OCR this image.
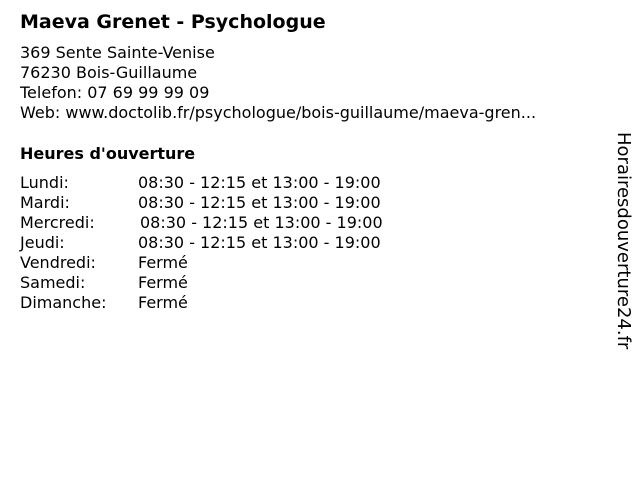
Maeva Grenet - Psychologue
369 Sente Sainte-Venise
76230 Bois-Guillaume
Telefon: 07 69 99 99 09
Web: www.doctolib.fr/psychologue/bois-guillaume/maeva-gren...
Heures d'ouverture
Lundi:	08:30 - 12:15 et 13:00 - 19:00
Mardi:	08:30 - 12:15 et 13:00 - 19:00
Mercredi:	08:30 - 12:15 et 13:00 - 19:00
Jeudi:	08:30 - 12:15 et 13:00 - 19:00
Vendredi:	Fermé
Samedi:	Fermé
Dimanche: Fermé	Horairesdouverture24.fr
